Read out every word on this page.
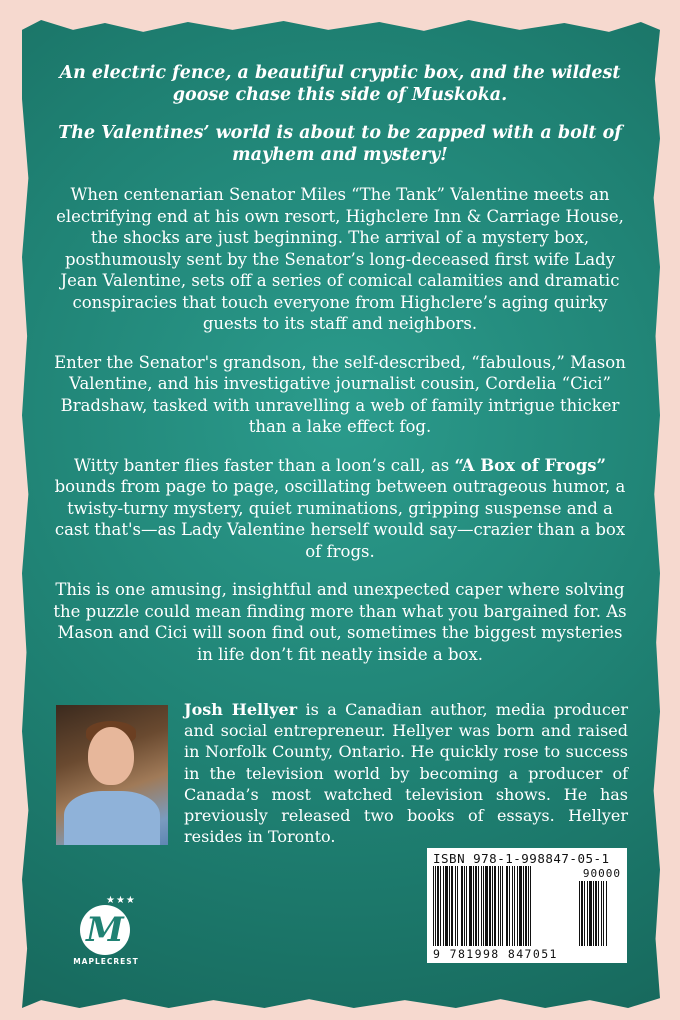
An electric fence, a beautiful cryptic box, and the wildest goose chase this side of Muskoka.

The Valentines’ world is about to be zapped with a bolt of mayhem and mystery!

When centenarian Senator Miles “The Tank” Valentine meets an electrifying end at his own resort, Highclere Inn & Carriage House, the shocks are just beginning. The arrival of a mystery box, posthumously sent by the Senator’s long-deceased first wife Lady Jean Valentine, sets off a series of comical calamities and dramatic conspiracies that touch everyone from Highclere’s aging quirky guests to its staff and neighbors.

Enter the Senator's grandson, the self-described, “fabulous,” Mason Valentine, and his investigative journalist cousin, Cordelia “Cici” Bradshaw, tasked with unravelling a web of family intrigue thicker than a lake effect fog.

Witty banter flies faster than a loon’s call, as “A Box of Frogs” bounds from page to page, oscillating between outrageous humor, a twisty-turny mystery, quiet ruminations, gripping suspense and a cast that's—as Lady Valentine herself would say—crazier than a box of frogs.

This is one amusing, insightful and unexpected caper where solving the puzzle could mean finding more than what you bargained for. As Mason and Cici will soon find out, sometimes the biggest mysteries in life don’t fit neatly inside a box.

Josh Hellyer is a Canadian author, media producer and social entrepreneur. Hellyer was born and raised in Norfolk County, Ontario. He quickly rose to success in the television world by becoming a producer of Canada’s most watched television shows. He has previously released two books of essays. Hellyer resides in Toronto.
M
★★★
MAPLECREST
ISBN 978-1-998847-05-1
90000
9 781998 847051
